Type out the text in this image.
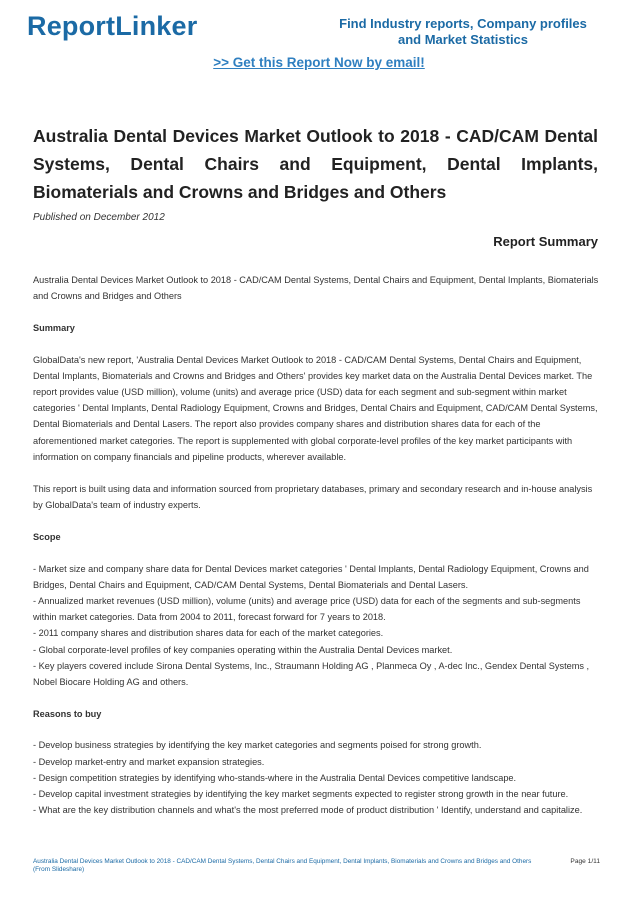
ReportLinker	Find Industry reports, Company profiles
and Market Statistics
>> Get this Report Now by email!
Australia Dental Devices Market Outlook to 2018 - CAD/CAM Dental Systems, Dental Chairs and Equipment, Dental Implants, Biomaterials and Crowns and Bridges and Others
Published on December 2012
Report Summary

Australia Dental Devices Market Outlook to 2018 - CAD/CAM Dental Systems, Dental Chairs and Equipment, Dental Implants, Biomaterials and Crowns and Bridges and Others

Summary

GlobalData's new report, 'Australia Dental Devices Market Outlook to 2018 - CAD/CAM Dental Systems, Dental Chairs and Equipment, Dental Implants, Biomaterials and Crowns and Bridges and Others' provides key market data on the Australia Dental Devices market. The report provides value (USD million), volume (units) and average price (USD) data for each segment and sub-segment within market categories ' Dental Implants, Dental Radiology Equipment, Crowns and Bridges, Dental Chairs and Equipment, CAD/CAM Dental Systems, Dental Biomaterials and Dental Lasers. The report also provides company shares and distribution shares data for each of the aforementioned market categories. The report is supplemented with global corporate-level profiles of the key market participants with information on company financials and pipeline products, wherever available.

This report is built using data and information sourced from proprietary databases, primary and secondary research and in-house analysis by GlobalData's team of industry experts.

Scope

- Market size and company share data for Dental Devices market categories ' Dental Implants, Dental Radiology Equipment, Crowns and Bridges, Dental Chairs and Equipment, CAD/CAM Dental Systems, Dental Biomaterials and Dental Lasers.
- Annualized market revenues (USD million), volume (units) and average price (USD) data for each of the segments and sub-segments within market categories. Data from 2004 to 2011, forecast forward for 7 years to 2018.
- 2011 company shares and distribution shares data for each of the market categories.
- Global corporate-level profiles of key companies operating within the Australia Dental Devices market.
- Key players covered include Sirona Dental Systems, Inc., Straumann Holding AG , Planmeca Oy , A-dec Inc., Gendex Dental Systems , Nobel Biocare Holding AG and others.

Reasons to buy

- Develop business strategies by identifying the key market categories and segments poised for strong growth.
- Develop market-entry and market expansion strategies.
- Design competition strategies by identifying who-stands-where in the Australia Dental Devices competitive landscape.
- Develop capital investment strategies by identifying the key market segments expected to register strong growth in the near future.
- What are the key distribution channels and what's the most preferred mode of product distribution ' Identify, understand and capitalize.
Australia Dental Devices Market Outlook to 2018 - CAD/CAM Dental Systems, Dental Chairs and Equipment, Dental Implants, Biomaterials and Crowns and Bridges and Others (From Slideshare)
Page 1/11
